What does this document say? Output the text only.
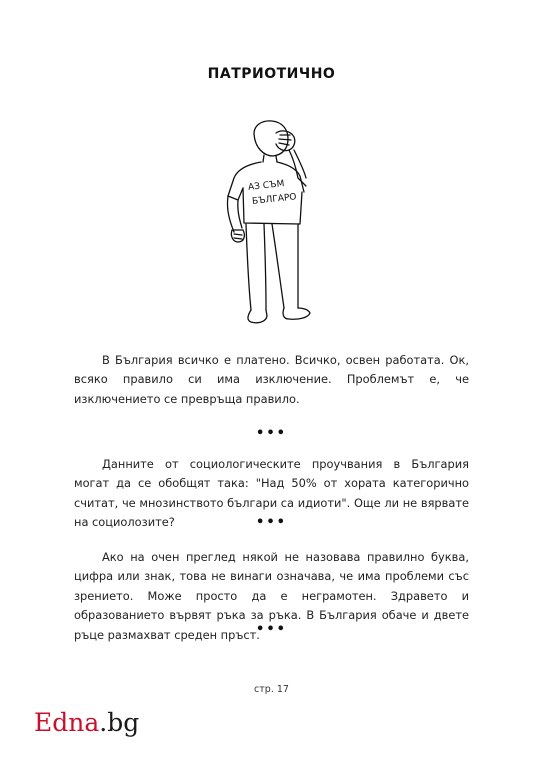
ПАТРИОТИЧНО
АЗ СЪМ
БЪЛГАРО

В България всичко е платено. Всичко, освен работата. Ок, всяко правило си има изключение. Проблемът е, че изключението се превръща правило.

•••

Данните от социологическите проучвания в България могат да се обобщят така: "Над 50% от хората категорично считат, че мнозинството българи са идиоти". Още ли не вярвате на социолозите?	•••

Ако на очен преглед някой не назовава правилно буква, цифра или знак, това не винаги означава, че има проблеми със зрението. Може просто да е неграмотен. Здравето и образованието вървят ръка за ръка. В България обаче и двете ръце размахват среден пръст.

•••
стр. 17
Edna.bg
